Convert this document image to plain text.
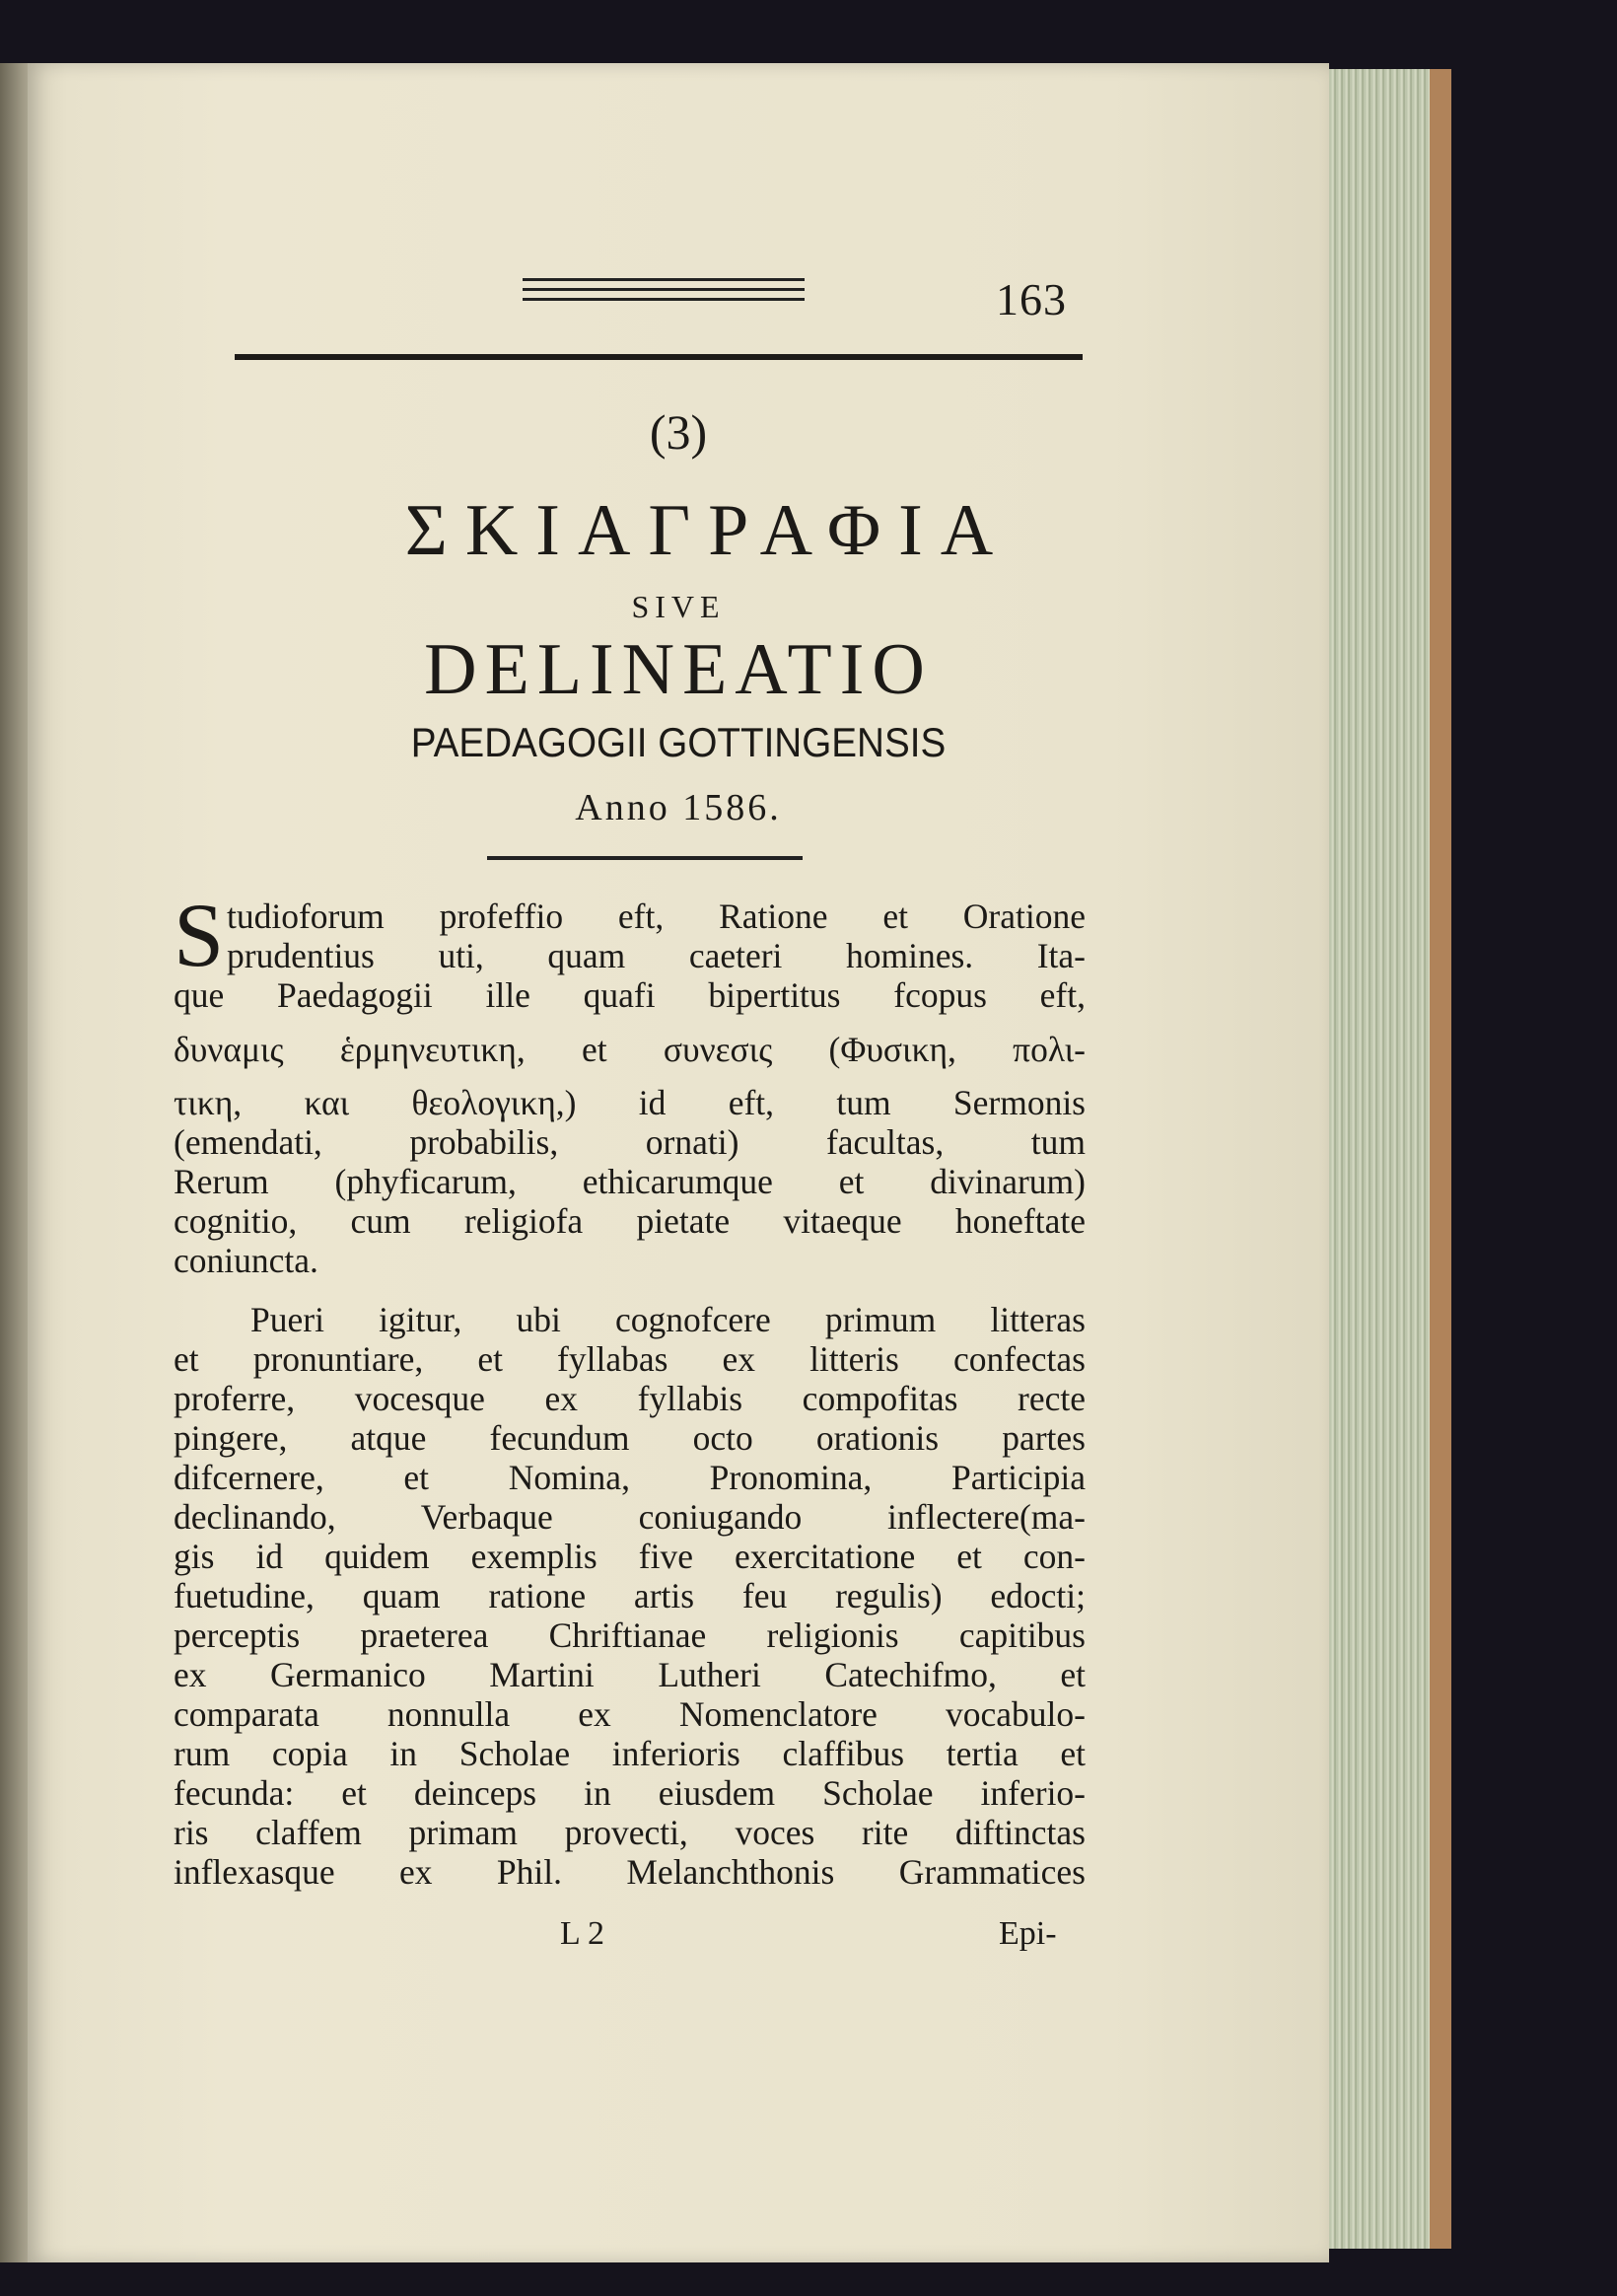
163
(3)
ΣΚΙΑΓΡΑΦΙΑ
SIVE
DELINEATIO
PAEDAGOGII GOTTINGENSIS
Anno 1586.
S tudioforum profeffio eft, Ratione et Oratione
prudentius uti, quam caeteri homines. Ita-
que Paedagogii ille quafi bipertitus fcopus eft,
δυναμις ἑρμηνευτικη, et συνεσις (Φυσικη, πολι-
τικη, και θεολογικη,) id eft, tum Sermonis
(emendati, probabilis, ornati) facultas, tum
Rerum (phyficarum, ethicarumque et divinarum)
cognitio, cum religiofa pietate vitaeque honeftate
coniuncta.
Pueri igitur, ubi cognofcere primum litteras
et pronuntiare, et fyllabas ex litteris confectas
proferre, vocesque ex fyllabis compofitas recte
pingere, atque fecundum octo orationis partes
difcernere, et Nomina, Pronomina, Participia
declinando, Verbaque coniugando inflectere(ma-
gis id quidem exemplis five exercitatione et con-
fuetudine, quam ratione artis feu regulis) edocti;
perceptis praeterea Chriftianae religionis capitibus
ex Germanico Martini Lutheri Catechifmo, et
comparata nonnulla ex Nomenclatore vocabulo-
rum copia in Scholae inferioris claffibus tertia et
fecunda: et deinceps in eiusdem Scholae inferio-
ris claffem primam provecti, voces rite diftinctas
inflexasque ex Phil. Melanchthonis Grammatices
L 2	Epi-
